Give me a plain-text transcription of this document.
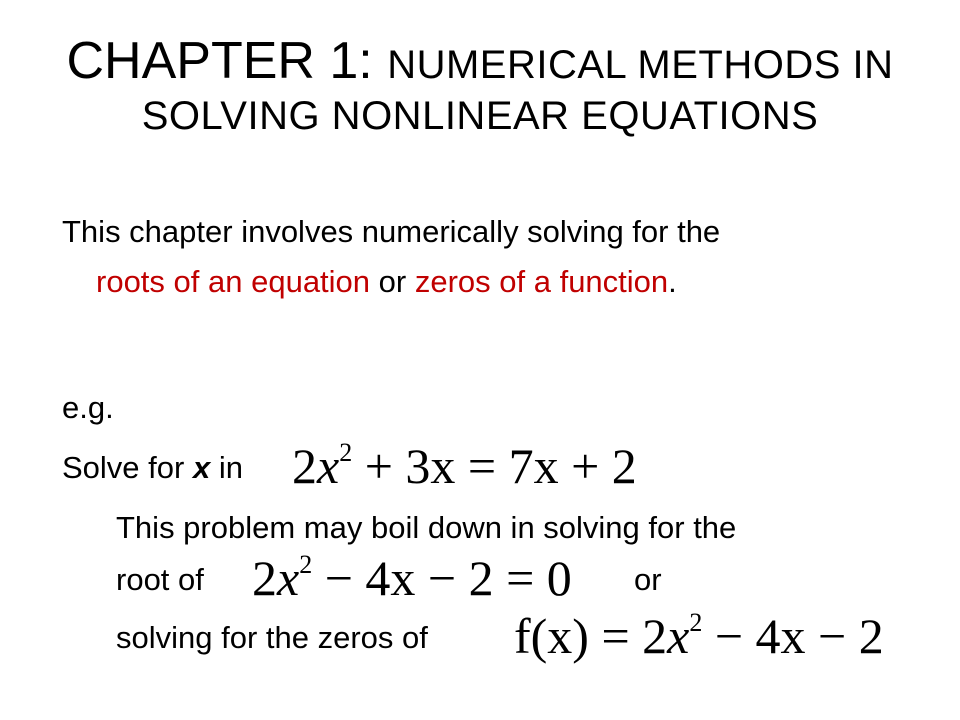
CHAPTER 1: NUMERICAL METHODS IN
SOLVING NONLINEAR EQUATIONS
This chapter involves numerically solving for the
roots of an equation or zeros of a function.
e.g.
Solve for x in $2x^2 + 3x = 7x + 2$
This problem may boil down in solving for the
root of $2x^2 - 4x - 2 = 0$ or
solving for the zeros of $f(x) = 2x^2 - 4x - 2$
